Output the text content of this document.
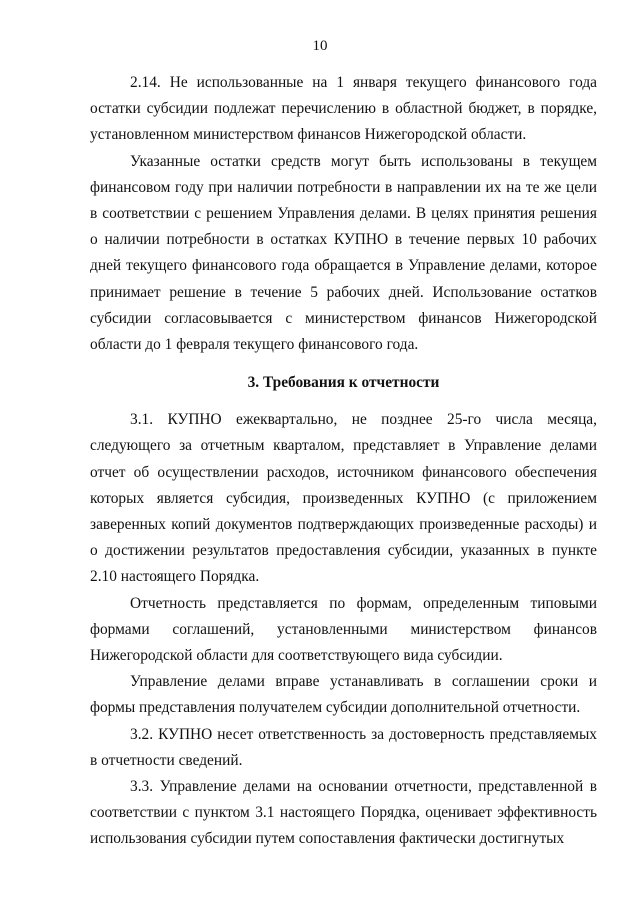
10

2.14. Не использованные на 1 января текущего финансового года остатки субсидии подлежат перечислению в областной бюджет, в порядке, установленном министерством финансов Нижегородской области.

Указанные остатки средств могут быть использованы в текущем финансовом году при наличии потребности в направлении их на те же цели в соответствии с решением Управления делами. В целях принятия решения о наличии потребности в остатках КУПНО в течение первых 10 рабочих дней текущего финансового года обращается в Управление делами, которое принимает решение в течение 5 рабочих дней. Использование остатков субсидии согласовывается с министерством финансов Нижегородской области до 1 февраля текущего финансового года.

3. Требования к отчетности

3.1. КУПНО ежеквартально, не позднее 25-го числа месяца, следующего за отчетным кварталом, представляет в Управление делами отчет об осуществлении расходов, источником финансового обеспечения которых является субсидия, произведенных КУПНО (с приложением заверенных копий документов подтверждающих произведенные расходы) и о достижении результатов предоставления субсидии, указанных в пункте 2.10 настоящего Порядка.

Отчетность представляется по формам, определенным типовыми формами соглашений, установленными министерством финансов Нижегородской области для соответствующего вида субсидии.

Управление делами вправе устанавливать в соглашении сроки и формы представления получателем субсидии дополнительной отчетности.

3.2. КУПНО несет ответственность за достоверность представляемых в отчетности сведений.

3.3. Управление делами на основании отчетности, представленной в соответствии с пунктом 3.1 настоящего Порядка, оценивает эффективность использования субсидии путем сопоставления фактически достигнутых
